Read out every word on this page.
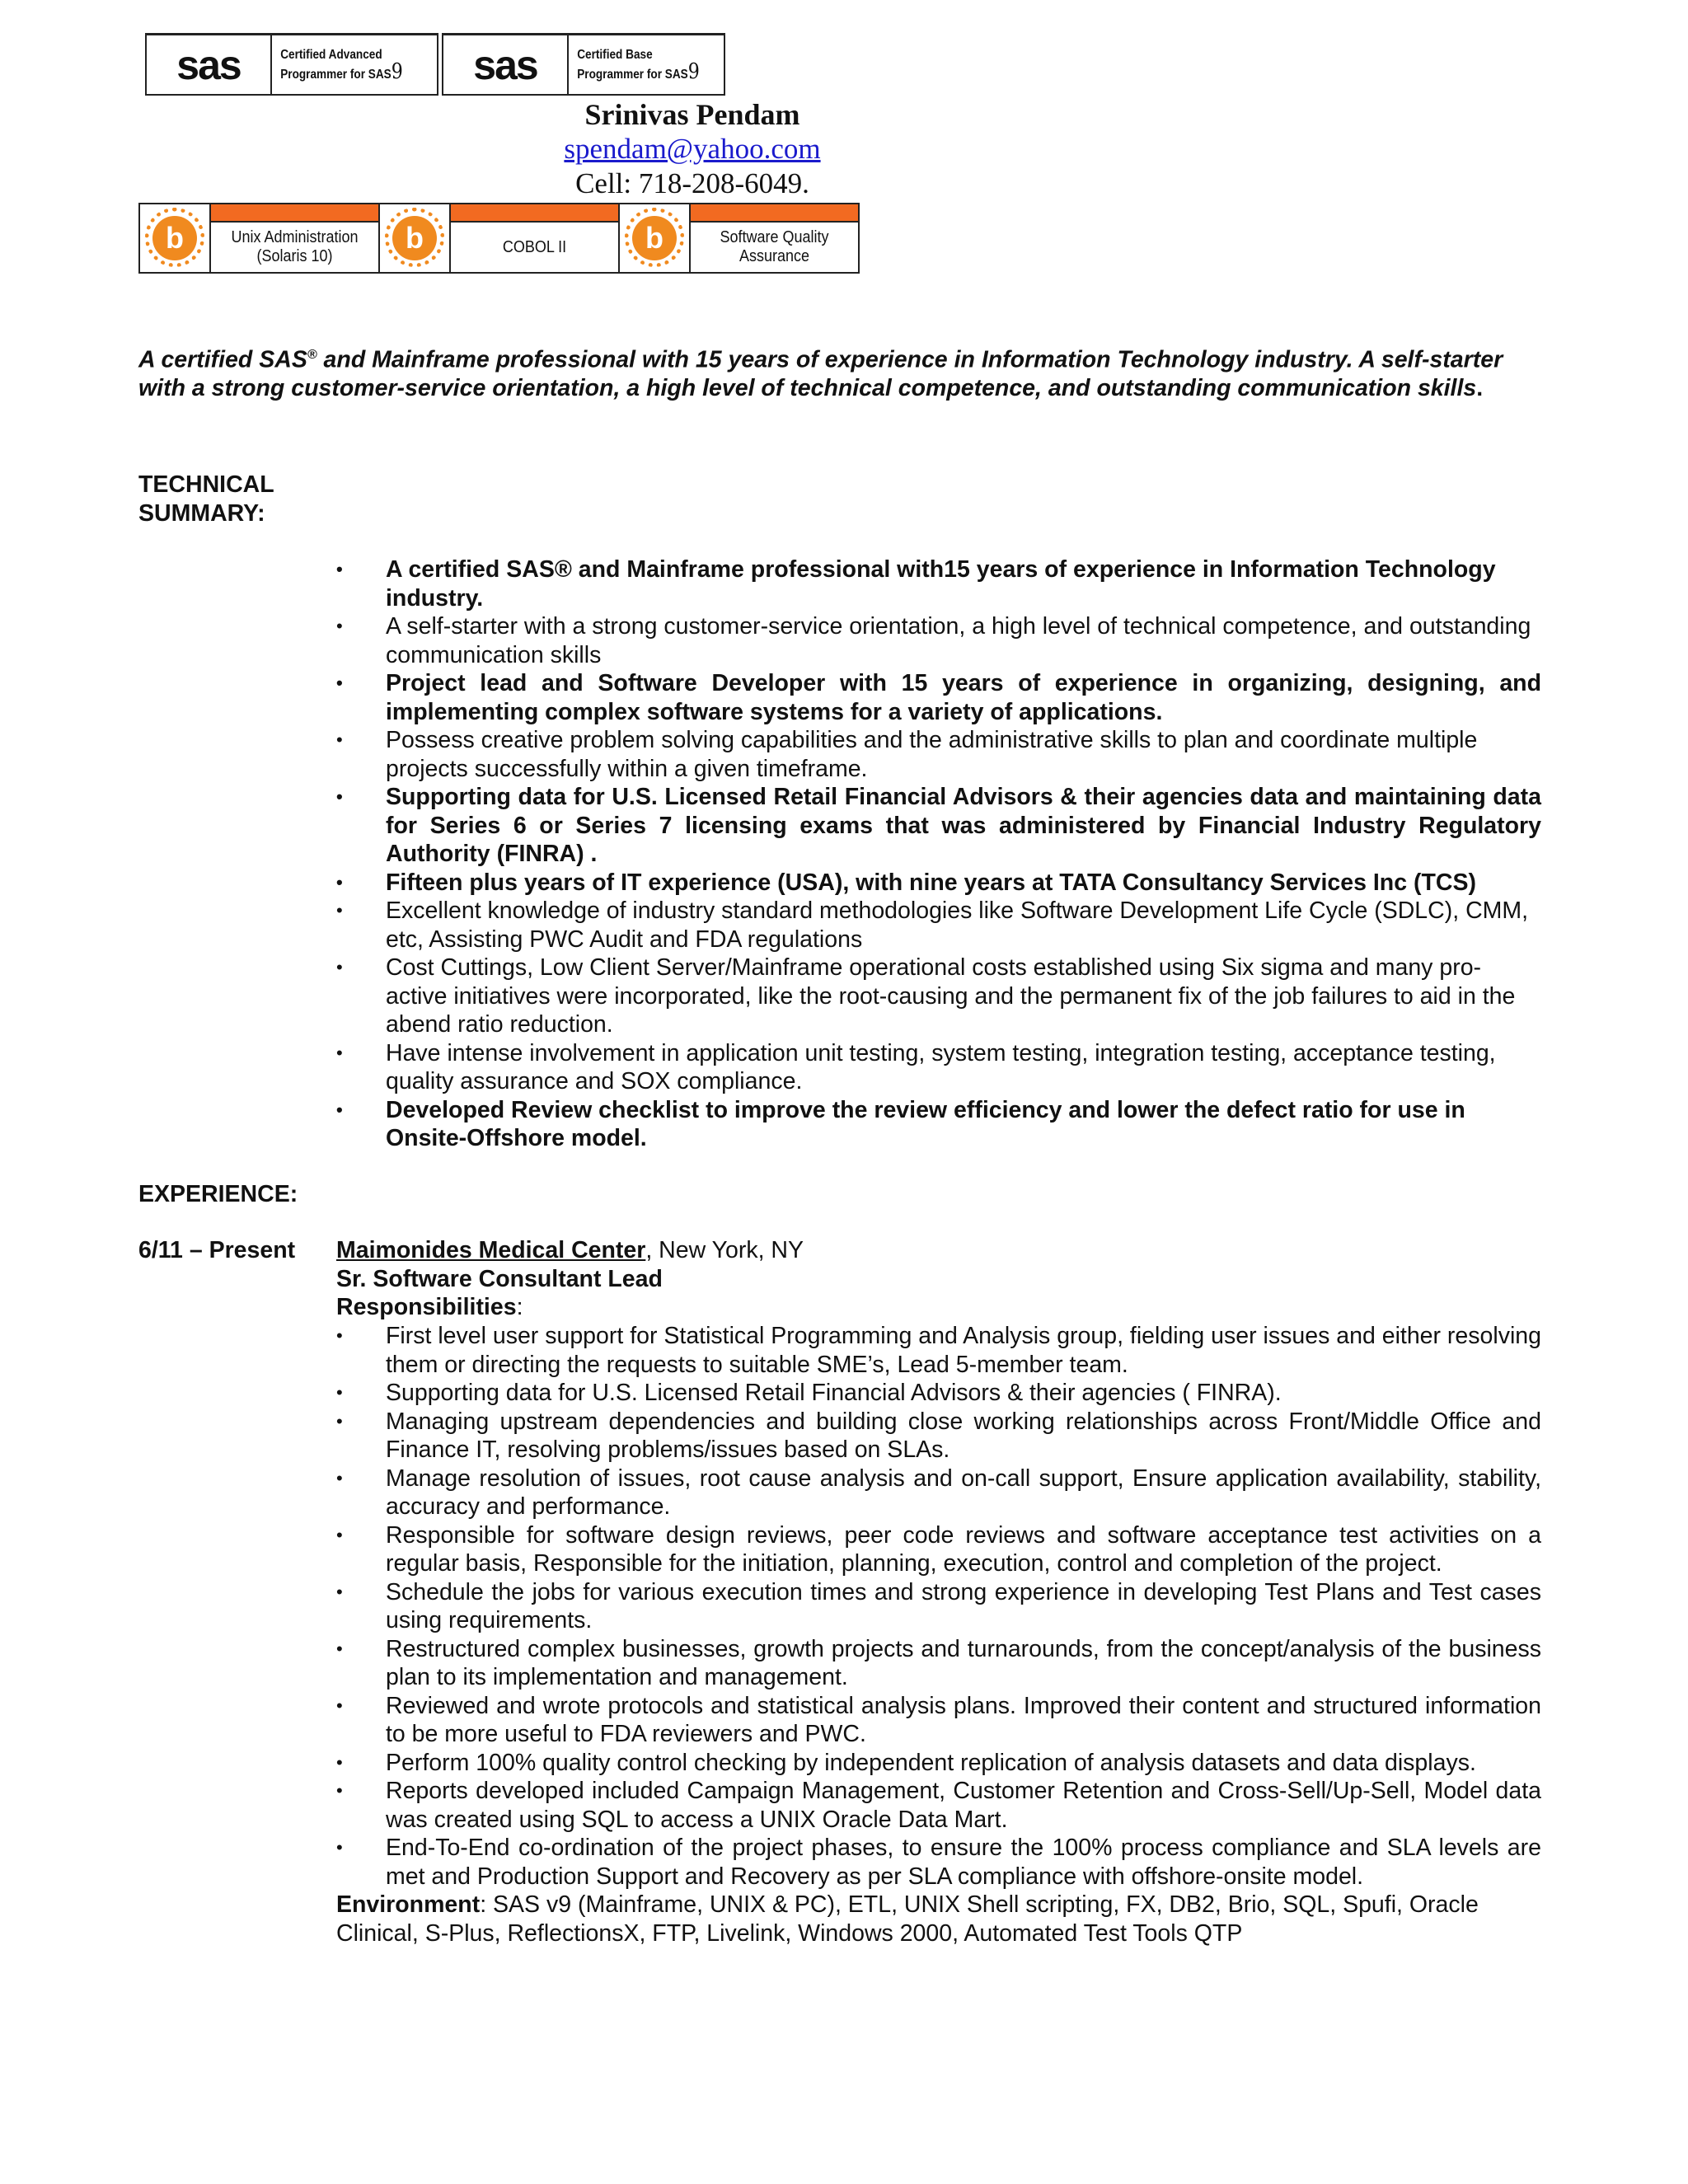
sas	Certified Advanced
Programmer for SAS9 sas	Certified Base
Programmer for SAS9
Srinivas Pendam
spendam@yahoo.com
Cell: 718-208-6049.
b	Unix Administration
(Solaris 10)
b	COBOL II	b	Software Quality
Assurance
A certified SAS® and Mainframe professional with 15 years of experience in Information Technology industry. A self-starter with a strong customer-service orientation, a high level of technical competence, and outstanding communication skills.
TECHNICAL
SUMMARY:
• A certified SAS® and Mainframe professional with15 years of experience in Information Technology industry.
• A self-starter with a strong customer-service orientation, a high level of technical competence, and outstanding communication skills
• Project lead and Software Developer with 15 years of experience in organizing, designing, and implementing complex software systems for a variety of applications.
• Possess creative problem solving capabilities and the administrative skills to plan and coordinate multiple projects successfully within a given timeframe.
• Supporting data for U.S. Licensed Retail Financial Advisors & their agencies data and maintaining data for Series 6 or Series 7 licensing exams that was administered by Financial Industry Regulatory Authority (FINRA) .
• Fifteen plus years of IT experience (USA), with nine years at TATA Consultancy Services Inc (TCS)
• Excellent knowledge of industry standard methodologies like Software Development Life Cycle (SDLC), CMM, etc, Assisting PWC Audit and FDA regulations
• Cost Cuttings, Low Client Server/Mainframe operational costs established using Six sigma and many pro-active initiatives were incorporated, like the root-causing and the permanent fix of the job failures to aid in the abend ratio reduction.
• Have intense involvement in application unit testing, system testing, integration testing, acceptance testing, quality assurance and SOX compliance.
• Developed Review checklist to improve the review efficiency and lower the defect ratio for use in Onsite-Offshore model.
EXPERIENCE:
6/11 – Present Maimonides Medical Center, New York, NY
Sr. Software Consultant Lead
Responsibilities:
• First level user support for Statistical Programming and Analysis group, fielding user issues and either resolving them or directing the requests to suitable SME’s, Lead 5-member team.
• Supporting data for U.S. Licensed Retail Financial Advisors & their agencies ( FINRA).
• Managing upstream dependencies and building close working relationships across Front/Middle Office and Finance IT, resolving problems/issues based on SLAs.
• Manage resolution of issues, root cause analysis and on-call support, Ensure application availability, stability, accuracy and performance.
• Responsible for software design reviews, peer code reviews and software acceptance test activities on a regular basis, Responsible for the initiation, planning, execution, control and completion of the project.
• Schedule the jobs for various execution times and strong experience in developing Test Plans and Test cases using requirements.
• Restructured complex businesses, growth projects and turnarounds, from the concept/analysis of the business plan to its implementation and management.
• Reviewed and wrote protocols and statistical analysis plans. Improved their content and structured information to be more useful to FDA reviewers and PWC.
• Perform 100% quality control checking by independent replication of analysis datasets and data displays.
• Reports developed included Campaign Management, Customer Retention and Cross-Sell/Up-Sell, Model data was created using SQL to access a UNIX Oracle Data Mart.
• End-To-End co-ordination of the project phases, to ensure the 100% process compliance and SLA levels are met and Production Support and Recovery as per SLA compliance with offshore-onsite model.
Environment: SAS v9 (Mainframe, UNIX & PC), ETL, UNIX Shell scripting, FX, DB2, Brio, SQL, Spufi, Oracle Clinical, S-Plus, ReflectionsX, FTP, Livelink, Windows 2000, Automated Test Tools QTP
